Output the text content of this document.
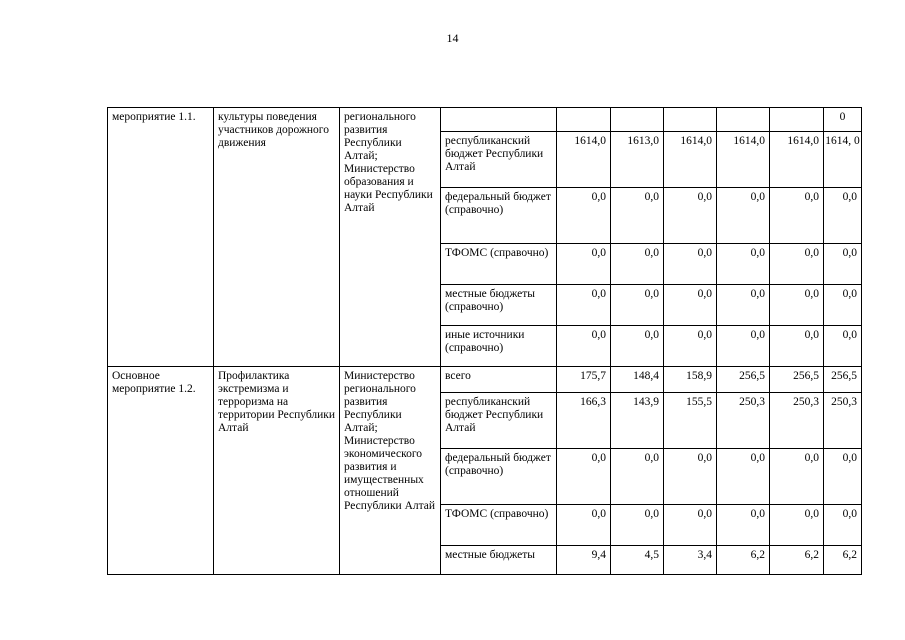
14
мероприятие 1.1.	культуры поведения участников дорожного движения	регионального развития Республики Алтай; Министерство образования и науки Республики Алтай							0
			республиканский бюджет Республики Алтай	1614,0	1613,0	1614,0	1614,0	1614,0	1614, 0
			федеральный бюджет (справочно)	0,0	0,0	0,0	0,0	0,0	0,0
			ТФОМС (справочно)	0,0	0,0	0,0	0,0	0,0	0,0
			местные бюджеты (справочно)	0,0	0,0	0,0	0,0	0,0	0,0
			иные источники (справочно)	0,0	0,0	0,0	0,0	0,0	0,0
Основное мероприятие 1.2.	Профилактика экстремизма и терроризма на территории Республики Алтай	Министерство регионального развития Республики Алтай; Министерство экономического развития и имущественных отношений Республики Алтай	всего	175,7	148,4	158,9	256,5	256,5	256,5
			республиканский бюджет Республики Алтай	166,3	143,9	155,5	250,3	250,3	250,3
			федеральный бюджет (справочно)	0,0	0,0	0,0	0,0	0,0	0,0
			ТФОМС (справочно)	0,0	0,0	0,0	0,0	0,0	0,0
			местные бюджеты	9,4	4,5	3,4	6,2	6,2	6,2
